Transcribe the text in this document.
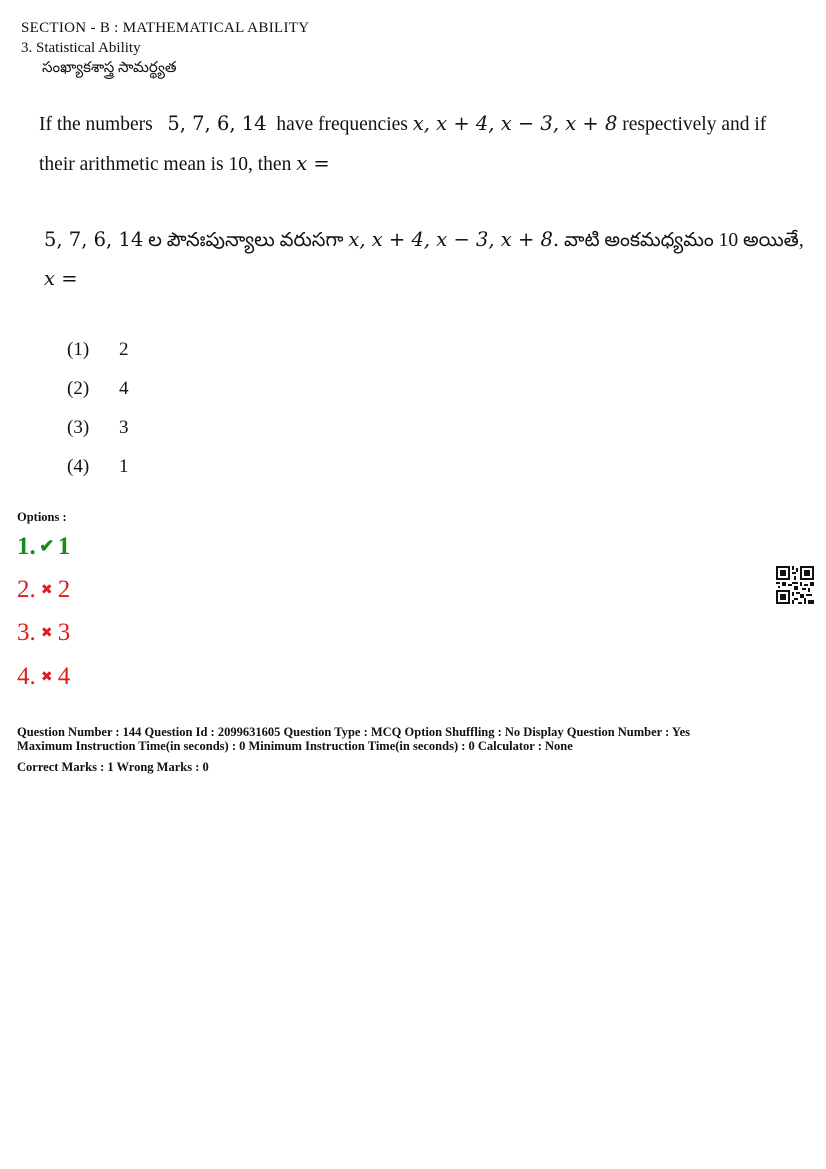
SECTION - B : MATHEMATICAL ABILITY
3. Statistical Ability
సంఖ్యాకశాస్త్ర సామర్థ్యత
If the numbers 5, 7, 6, 14 have frequencies x, x + 4, x − 3, x + 8 respectively and if their arithmetic mean is 10, then x =
5, 7, 6, 14 ల పౌనఃపున్యాలు వరుసగా x, x + 4, x − 3, x + 8. వాటి అంకమధ్యమం 10 అయితే, x =
(1) 2
(2) 4
(3) 3
(4) 1
Options :
1. ✔ 1
2. ✖ 2
3. ✖ 3
4. ✖ 4
Question Number : 144 Question Id : 2099631605 Question Type : MCQ Option Shuffling : No Display Question Number : Yes
Maximum Instruction Time(in seconds) : 0 Minimum Instruction Time(in seconds) : 0 Calculator : None
Correct Marks : 1 Wrong Marks : 0
